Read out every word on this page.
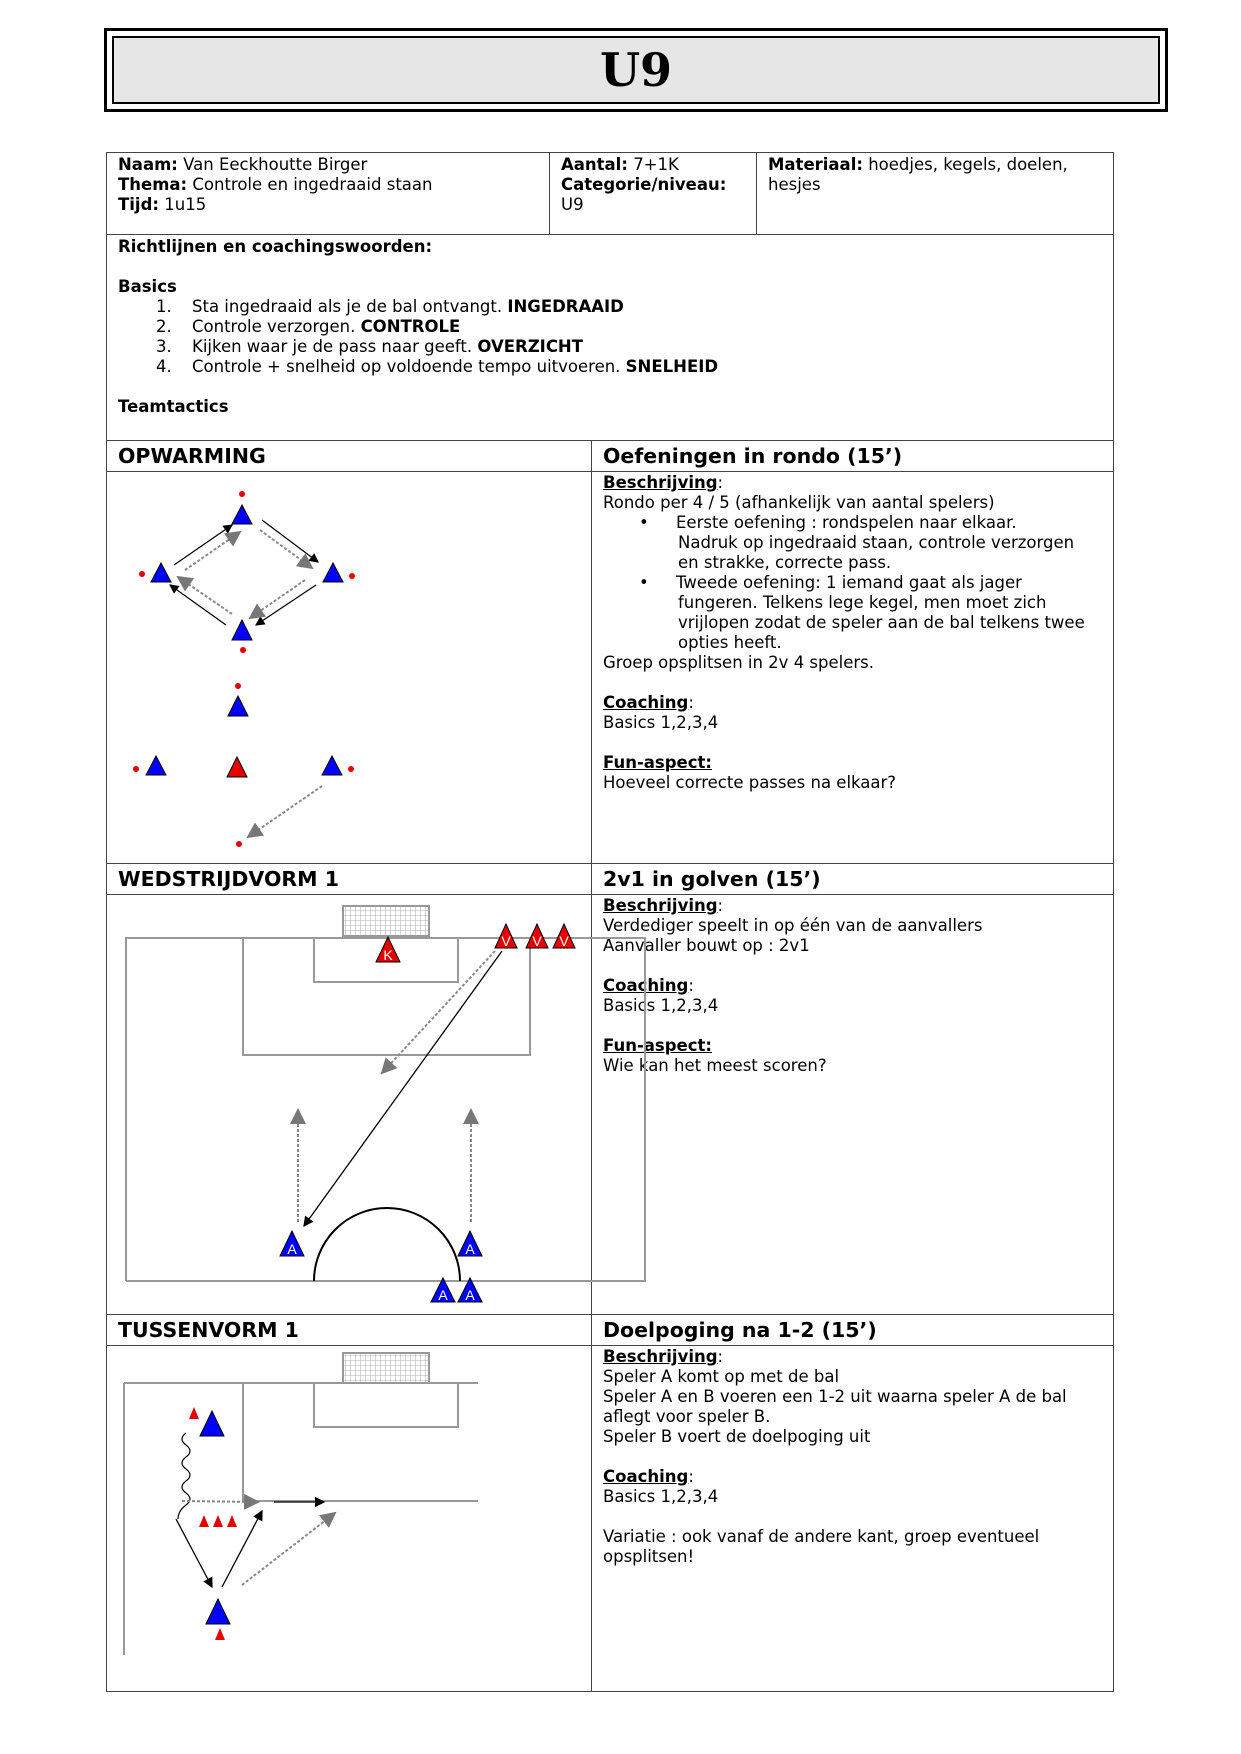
U9
Naam: Van Eeckhoutte Birger
Thema: Controle en ingedraaid staan
Tijd: 1u15
Aantal: 7+1K
Categorie/niveau:
U9
Materiaal: hoedjes, kegels, doelen,
hesjes
Richtlijnen en coachingswoorden:

Basics
1. Sta ingedraaid als je de bal ontvangt. INGEDRAAID
2. Controle verzorgen. CONTROLE
3. Kijken waar je de pass naar geeft. OVERZICHT
4. Controle + snelheid op voldoende tempo uitvoeren. SNELHEID

Teamtactics
OPWARMING	Oefeningen in rondo (15’)
Beschrijving:
Rondo per 4 / 5 (afhankelijk van aantal spelers)
• Eerste oefening : rondspelen naar elkaar.
Nadruk op ingedraaid staan, controle verzorgen
en strakke, correcte pass.
• Tweede oefening: 1 iemand gaat als jager
fungeren. Telkens lege kegel, men moet zich
vrijlopen zodat de speler aan de bal telkens twee
opties heeft.
Groep opsplitsen in 2v 4 spelers.

Coaching:
Basics 1,2,3,4

Fun-aspect:
Hoeveel correcte passes na elkaar?
WEDSTRIJDVORM 1	2v1 in golven (15’)
Beschrijving:
Verdediger speelt in op één van de aanvallers
Aanvaller bouwt op : 2v1

Coaching:
Basics 1,2,3,4

Fun-aspect:
Wie kan het meest scoren?
K
V V V
A	A
A A
TUSSENVORM 1	Doelpoging na 1-2 (15’)
Beschrijving:
Speler A komt op met de bal
Speler A en B voeren een 1-2 uit waarna speler A de bal
aflegt voor speler B.
Speler B voert de doelpoging uit

Coaching:
Basics 1,2,3,4

Variatie : ook vanaf de andere kant, groep eventueel
opsplitsen!
